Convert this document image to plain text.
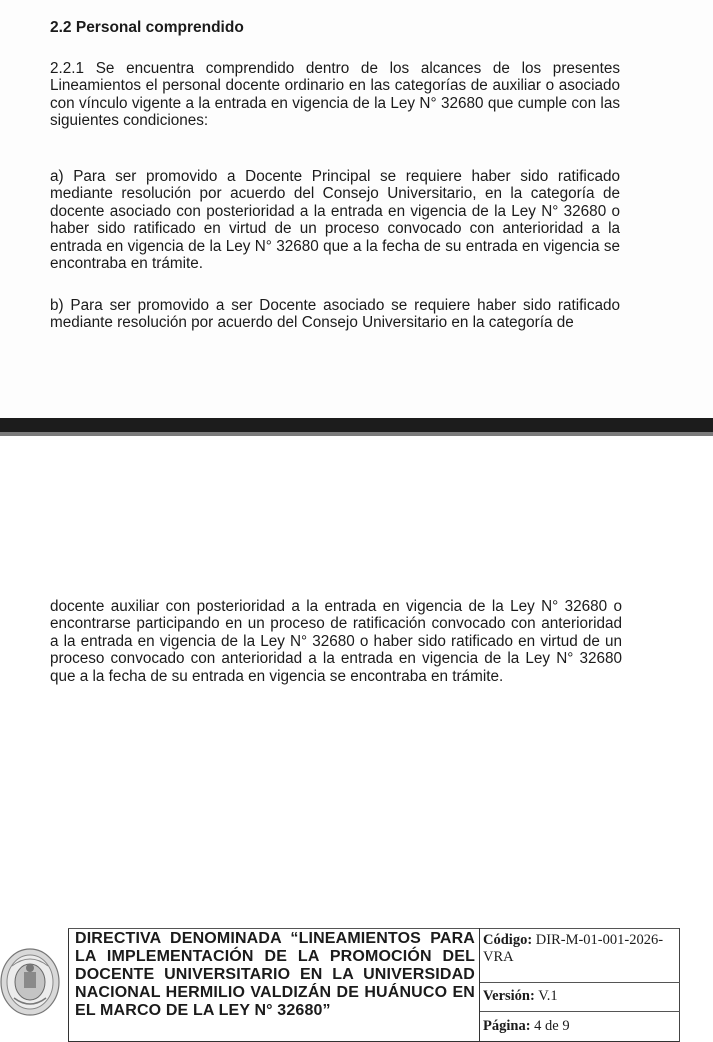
2.2 Personal comprendido

2.2.1 Se encuentra comprendido dentro de los alcances de los presentes Lineamientos el personal docente ordinario en las categorías de auxiliar o asociado con vínculo vigente a la entrada en vigencia de la Ley N° 32680 que cumple con las siguientes condiciones:

a) Para ser promovido a Docente Principal se requiere haber sido ratificado mediante resolución por acuerdo del Consejo Universitario, en la categoría de docente asociado con posterioridad a la entrada en vigencia de la Ley N° 32680 o haber sido ratificado en virtud de un proceso convocado con anterioridad a la entrada en vigencia de la Ley N° 32680 que a la fecha de su entrada en vigencia se encontraba en trámite.

b) Para ser promovido a ser Docente asociado se requiere haber sido ratificado mediante resolución por acuerdo del Consejo Universitario en la categoría de

DIRECTIVA DENOMINADA “LINEAMIENTOS PARA LA IMPLEMENTACIÓN DE LA PROMOCIÓN DEL DOCENTE UNIVERSITARIO EN LA UNIVERSIDAD NACIONAL HERMILIO VALDIZÁN DE HUÁNUCO EN EL MARCO DE LA LEY N° 32680”

Código: DIR-M-01-001-2026-
VRA
Versión: V.1
Página: 4 de 9

docente auxiliar con posterioridad a la entrada en vigencia de la Ley N° 32680 o encontrarse participando en un proceso de ratificación convocado con anterioridad a la entrada en vigencia de la Ley N° 32680 o haber sido ratificado en virtud de un proceso convocado con anterioridad a la entrada en vigencia de la Ley N° 32680 que a la fecha de su entrada en vigencia se encontraba en trámite.
